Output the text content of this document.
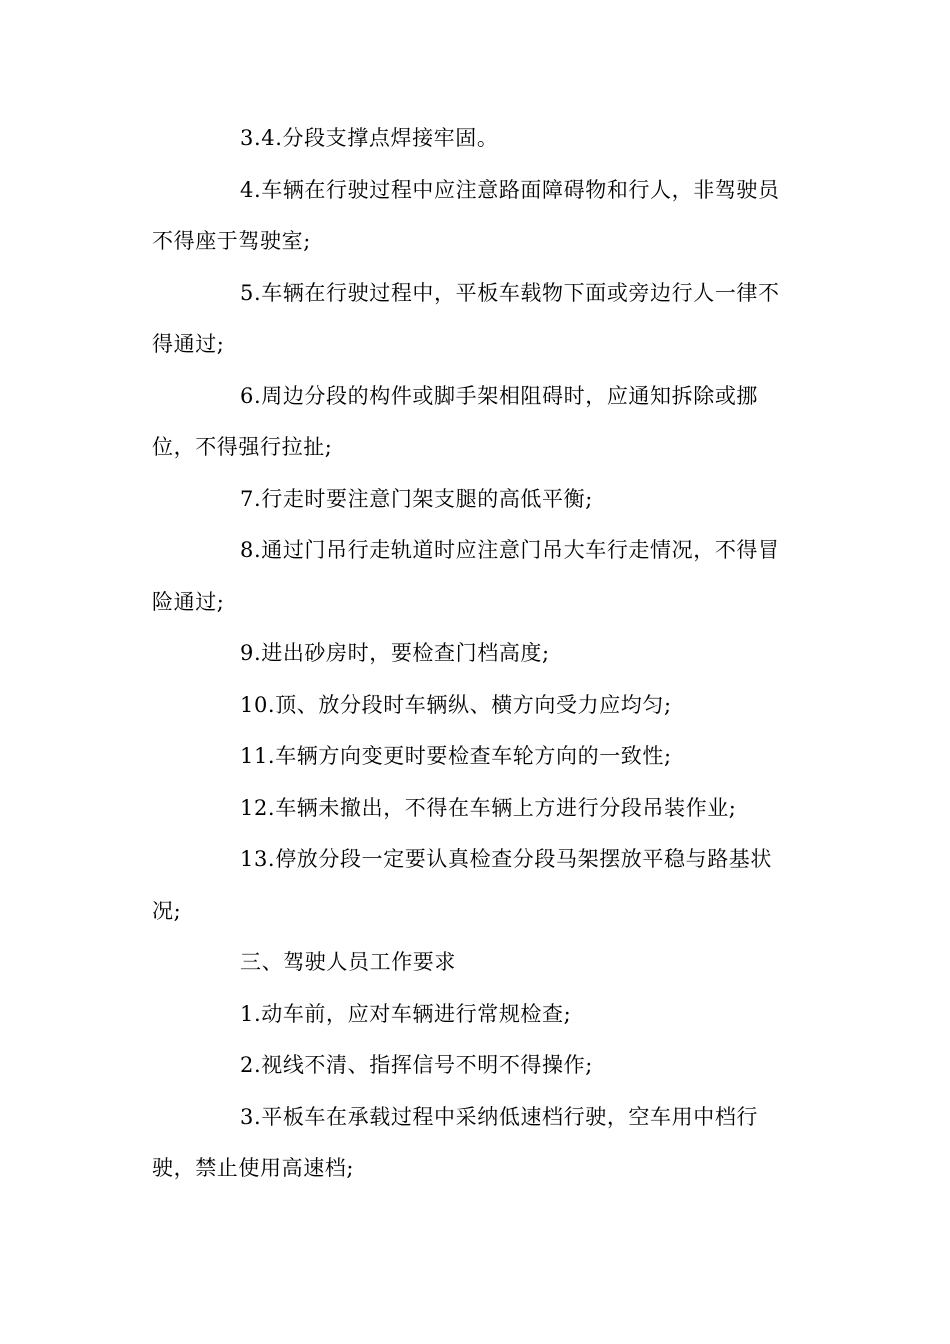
3.4.分段支撑点焊接牢固。

4.车辆在行驶过程中应注意路面障碍物和行人，非驾驶员不得座于驾驶室;

5.车辆在行驶过程中，平板车载物下面或旁边行人一律不得通过;

6.周边分段的构件或脚手架相阻碍时，应通知拆除或挪位，不得强行拉扯;

7.行走时要注意门架支腿的高低平衡;

8.通过门吊行走轨道时应注意门吊大车行走情况，不得冒险通过;

9.进出砂房时，要检查门档高度;

10.顶、放分段时车辆纵、横方向受力应均匀;

11.车辆方向变更时要检查车轮方向的一致性;

12.车辆未撤出，不得在车辆上方进行分段吊装作业;

13.停放分段一定要认真检查分段马架摆放平稳与路基状况;

三、驾驶人员工作要求

1.动车前，应对车辆进行常规检查;

2.视线不清、指挥信号不明不得操作;

3.平板车在承载过程中采纳低速档行驶，空车用中档行驶，禁止使用高速档;
